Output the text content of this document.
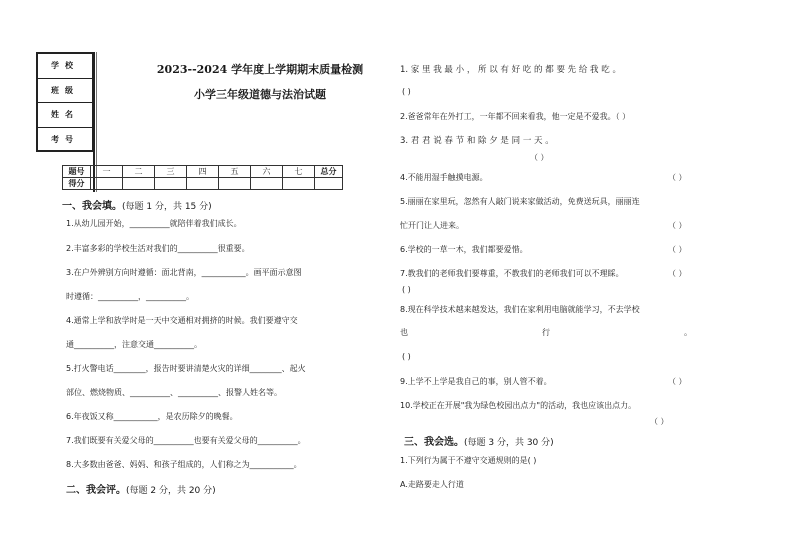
学校
班级
姓名
考号
2023--2024 学年度上学期期末质量检测
小学三年级道德与法治试题
题号	一	二	三	四	五	六	七	总分
得分								
一、我会填。(每题 1 分，共 15 分)
1.从幼儿园开始，__________就陪伴着我们成长。
2.丰富多彩的学校生活对我们的__________很重要。
3.在户外辨别方向时遵循：面北背南，___________。画平面示意图
时遵循：__________，__________。
4.通常上学和放学时是一天中交通相对拥挤的时候。我们要遵守交
通__________，注意交通__________。
5.打火警电话________，报告时要讲清楚火灾的详细________、起火
部位、燃烧物质、__________、__________、报警人姓名等。
6.年夜饭又称___________，是农历除夕的晚餐。
7.我们既要有关爱父母的__________也要有关爱父母的__________。
8.大多数由爸爸、妈妈、和孩子组成的，人们称之为___________。
二、我会评。(每题 2 分，共 20 分)
1. 家 里 我 最 小 ， 所 以 有 好 吃 的 都 要 先 给 我 吃 。
( )
2.爸爸常年在外打工，一年都不回来看我，他一定是不爱我。（ ）
3. 君 君 说 春 节 和 除 夕 是 同 一 天 。
（ ）
4.不能用湿手触摸电源。	（ ）
5.丽丽在家里玩，忽然有人敲门说来家做活动，免费送玩具，丽丽连
忙开门让人进来。	（ ）
6.学校的一草一木，我们都要爱惜。	（ ）
7.教我们的老师我们要尊重，不教我们的老师我们可以不理睬。	（ ）
( )
8.现在科学技术越来越发达，我们在家利用电脑就能学习，不去学校
也	行	。
( )
9.上学不上学是我自己的事，别人管不着。	（ ）
10.学校正在开展"我为绿色校园出点力"的活动，我也应该出点力。
（ ）
三、我会选。(每题 3 分，共 30 分)
1.下列行为属于不遵守交通规则的是( )
A.走路要走人行道
